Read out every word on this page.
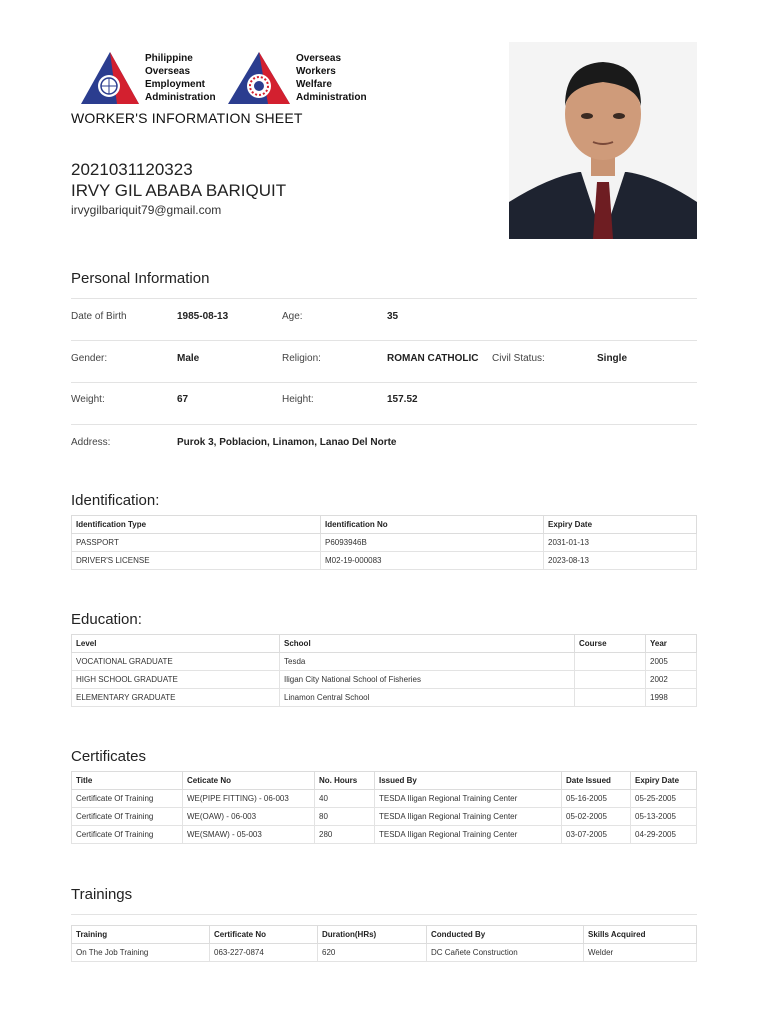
Philippine
Overseas
Employment
Administration
Overseas
Workers
Welfare
Administration
WORKER'S INFORMATION SHEET
2021031120323
IRVY GIL ABABA BARIQUIT
irvygilbariquit79@gmail.com
Personal Information
Date of Birth	1985-08-13	Age:	35
Gender:	Male	Religion:	ROMAN CATHOLIC Civil Status:	Single
Weight:	67	Height:	157.52
Address:	Purok 3, Poblacion, Linamon, Lanao Del Norte
Identification:
Identification Type	Identification No	Expiry Date
PASSPORT	P6093946B	2031-01-13
DRIVER'S LICENSE	M02-19-000083	2023-08-13
Education:
Level	School	Course	Year
VOCATIONAL GRADUATE	Tesda		2005
HIGH SCHOOL GRADUATE	Iligan City National School of Fisheries		2002
ELEMENTARY GRADUATE	Linamon Central School		1998
Certificates
Title	Ceticate No	No. Hours	Issued By	Date Issued	Expiry Date
Certificate Of Training	WE(PIPE FITTING) - 06-003	40	TESDA Iligan Regional Training Center	05-16-2005	05-25-2005
Certificate Of Training	WE(OAW) - 06-003	80	TESDA Iligan Regional Training Center	05-02-2005	05-13-2005
Certificate Of Training	WE(SMAW) - 05-003	280	TESDA Iligan Regional Training Center	03-07-2005	04-29-2005
Trainings
Training	Certificate No	Duration(HRs)	Conducted By	Skills Acquired
On The Job Training	063-227-0874	620	DC Cañete Construction	Welder
